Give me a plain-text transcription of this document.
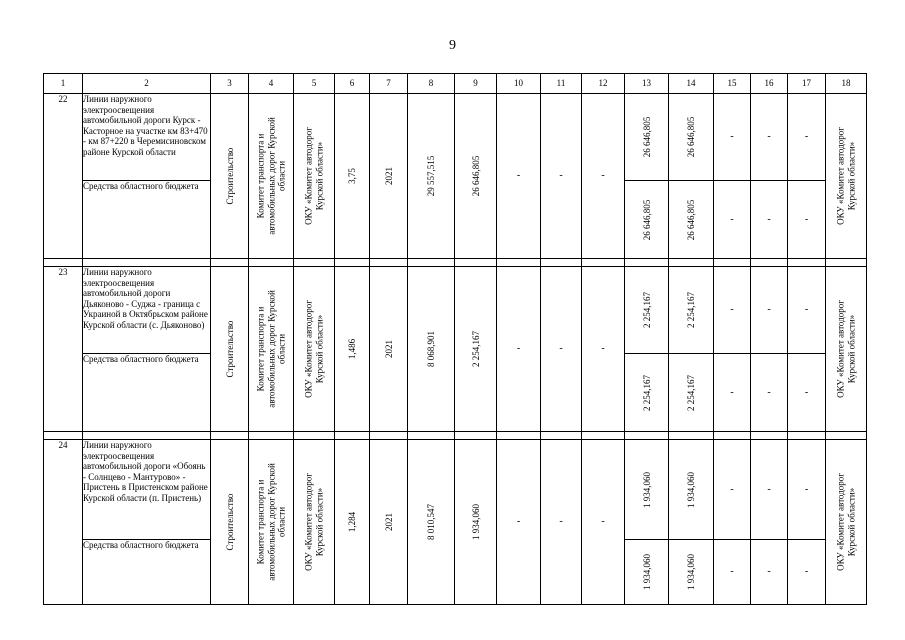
9
1	2	3	4	5	6	7	8	9	10	11	12	13	14	15	16	17	18
22	Линии наружного электроосвещения автомобильной дороги Курск - Касторное на участке км 83+470 - км 87+220 в Черемисиновском районе Курской области	Строительство	Комитет транспорта и автомобильных дорог Курской области	ОКУ «Комитет автодорог Курской области»	3,75	2021	29 557,515	26 646,805	-	-	-	26 646,805	26 646,805	-	-	-	ОКУ «Комитет автодорог Курской области»

	Средства областного бюджета											26 646,805	26 646,805	-	-	-	

23	Линии наружного электроосвещения автомобильной дороги Дьяконово - Суджа - граница с Украиной в Октябрьском районе Курской области (с. Дьяконово)	Строительство	Комитет транспорта и автомобильных дорог Курской области	ОКУ «Комитет автодорог Курской области»	1,486	2021	8 068,901	2 254,167	-	-	-	2 254,167	2 254,167	-	-	-	ОКУ «Комитет автодорог Курской области»

	Средства областного бюджета											2 254,167	2 254,167	-	-	-	

24	Линии наружного электроосвещения автомобильной дороги «Обоянь - Солнцево - Мантурово» - Пристень в Пристенском районе Курской области (п. Пристень)	Строительство	Комитет транспорта и автомобильных дорог Курской области	ОКУ «Комитет автодорог Курской области»	1,284	2021	8 010,547	1 934,060	-	-	-	1 934,060	1 934,060	-	-	-	ОКУ «Комитет автодорог Курской области»

	Средства областного бюджета											1 934,060	1 934,060	-	-	-	
